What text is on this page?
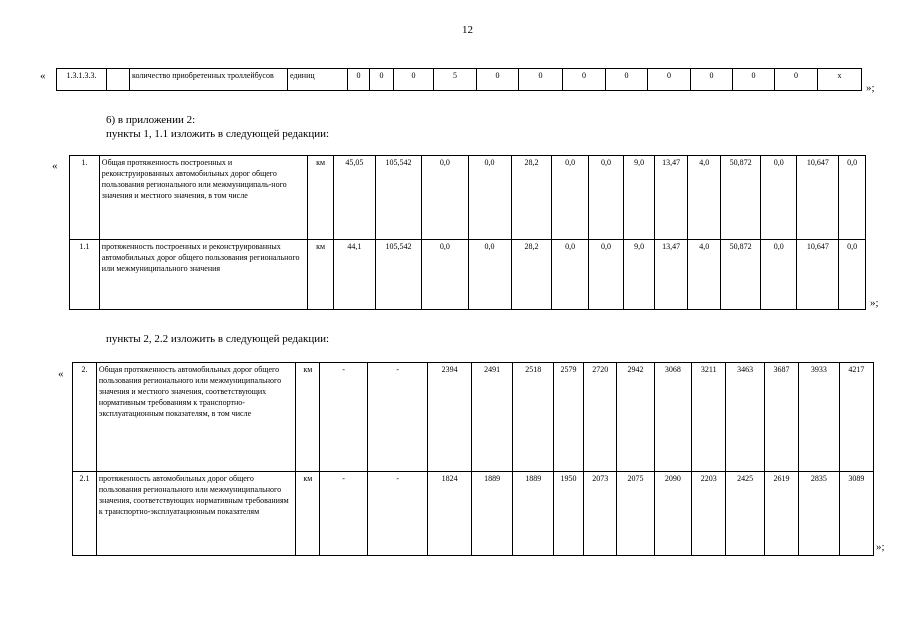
12
«	1.3.1.3.3.		количество приобретенных троллейбусов	единиц	0	0	0	5	0	0	0	0	0	0	0	0	х
»;
6) в приложении 2:
пункты 1, 1.1 изложить в следующей редакции:
«	1.	Общая протяженность построенных и реконструированных автомобильных дорог общего пользования регионального или межмуниципаль-ного значения и местного значения, в том числе	км	45,05	105,542	0,0	0,0	28,2	0,0	0,0	9,0	13,47	4,0	50,872	0,0	10,647	0,0
1.1	протяженность построенных и реконструированных автомобильных дорог общего пользования регионального или межмуниципального значения	км	44,1	105,542	0,0	0,0	28,2	0,0	0,0	9,0	13,47	4,0	50,872	0,0	10,647	0,0
»;
пункты 2, 2.2 изложить в следующей редакции:
« 2.	Общая протяженность автомобильных дорог общего пользования регионального или межмуниципального значения и местного значения, соответствующих нормативным требованиям к транспортно-эксплуатационным показателям, в том числе	км	-	-	2394	2491	2518	2579	2720	2942	3068	3211	3463	3687	3933	4217
2.1	протяженность автомобильных дорог общего пользования регионального или межмуниципального значения, соответствующих нормативным требованиям к транспортно-эксплуатационным показателям	км	-	-	1824	1889	1889	1950	2073	2075	2090	2203	2425	2619	2835	3089
»;
